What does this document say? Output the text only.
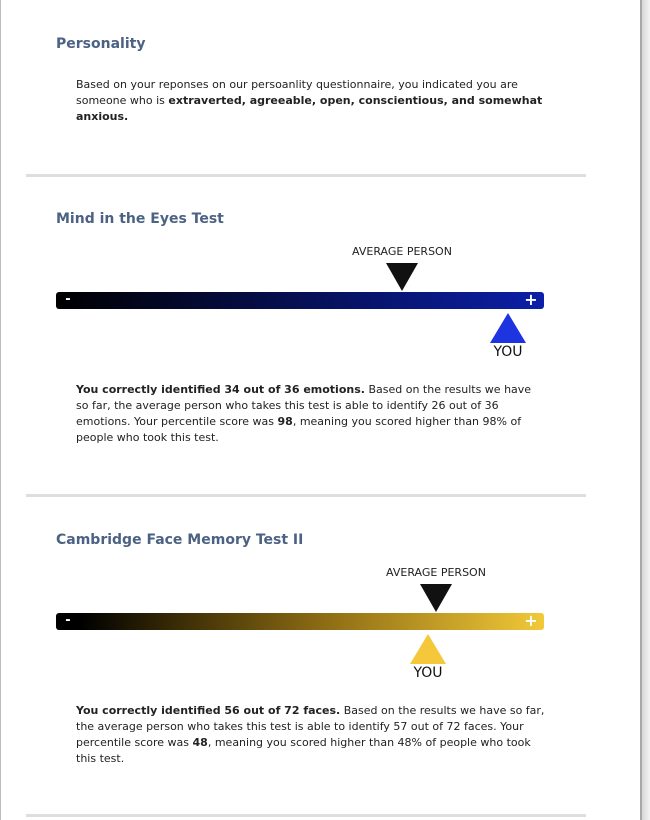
Personality

Based on your reponses on our persoanlity questionnaire, you indicated you are someone who is extraverted, agreeable, open, conscientious, and somewhat anxious.

Mind in the Eyes Test
AVERAGE PERSON
-	+
YOU

You correctly identified 34 out of 36 emotions. Based on the results we have so far, the average person who takes this test is able to identify 26 out of 36 emotions. Your percentile score was 98, meaning you scored higher than 98% of people who took this test.

Cambridge Face Memory Test II
AVERAGE PERSON
-	+
YOU

You correctly identified 56 out of 72 faces. Based on the results we have so far, the average person who takes this test is able to identify 57 out of 72 faces. Your percentile score was 48, meaning you scored higher than 48% of people who took this test.
